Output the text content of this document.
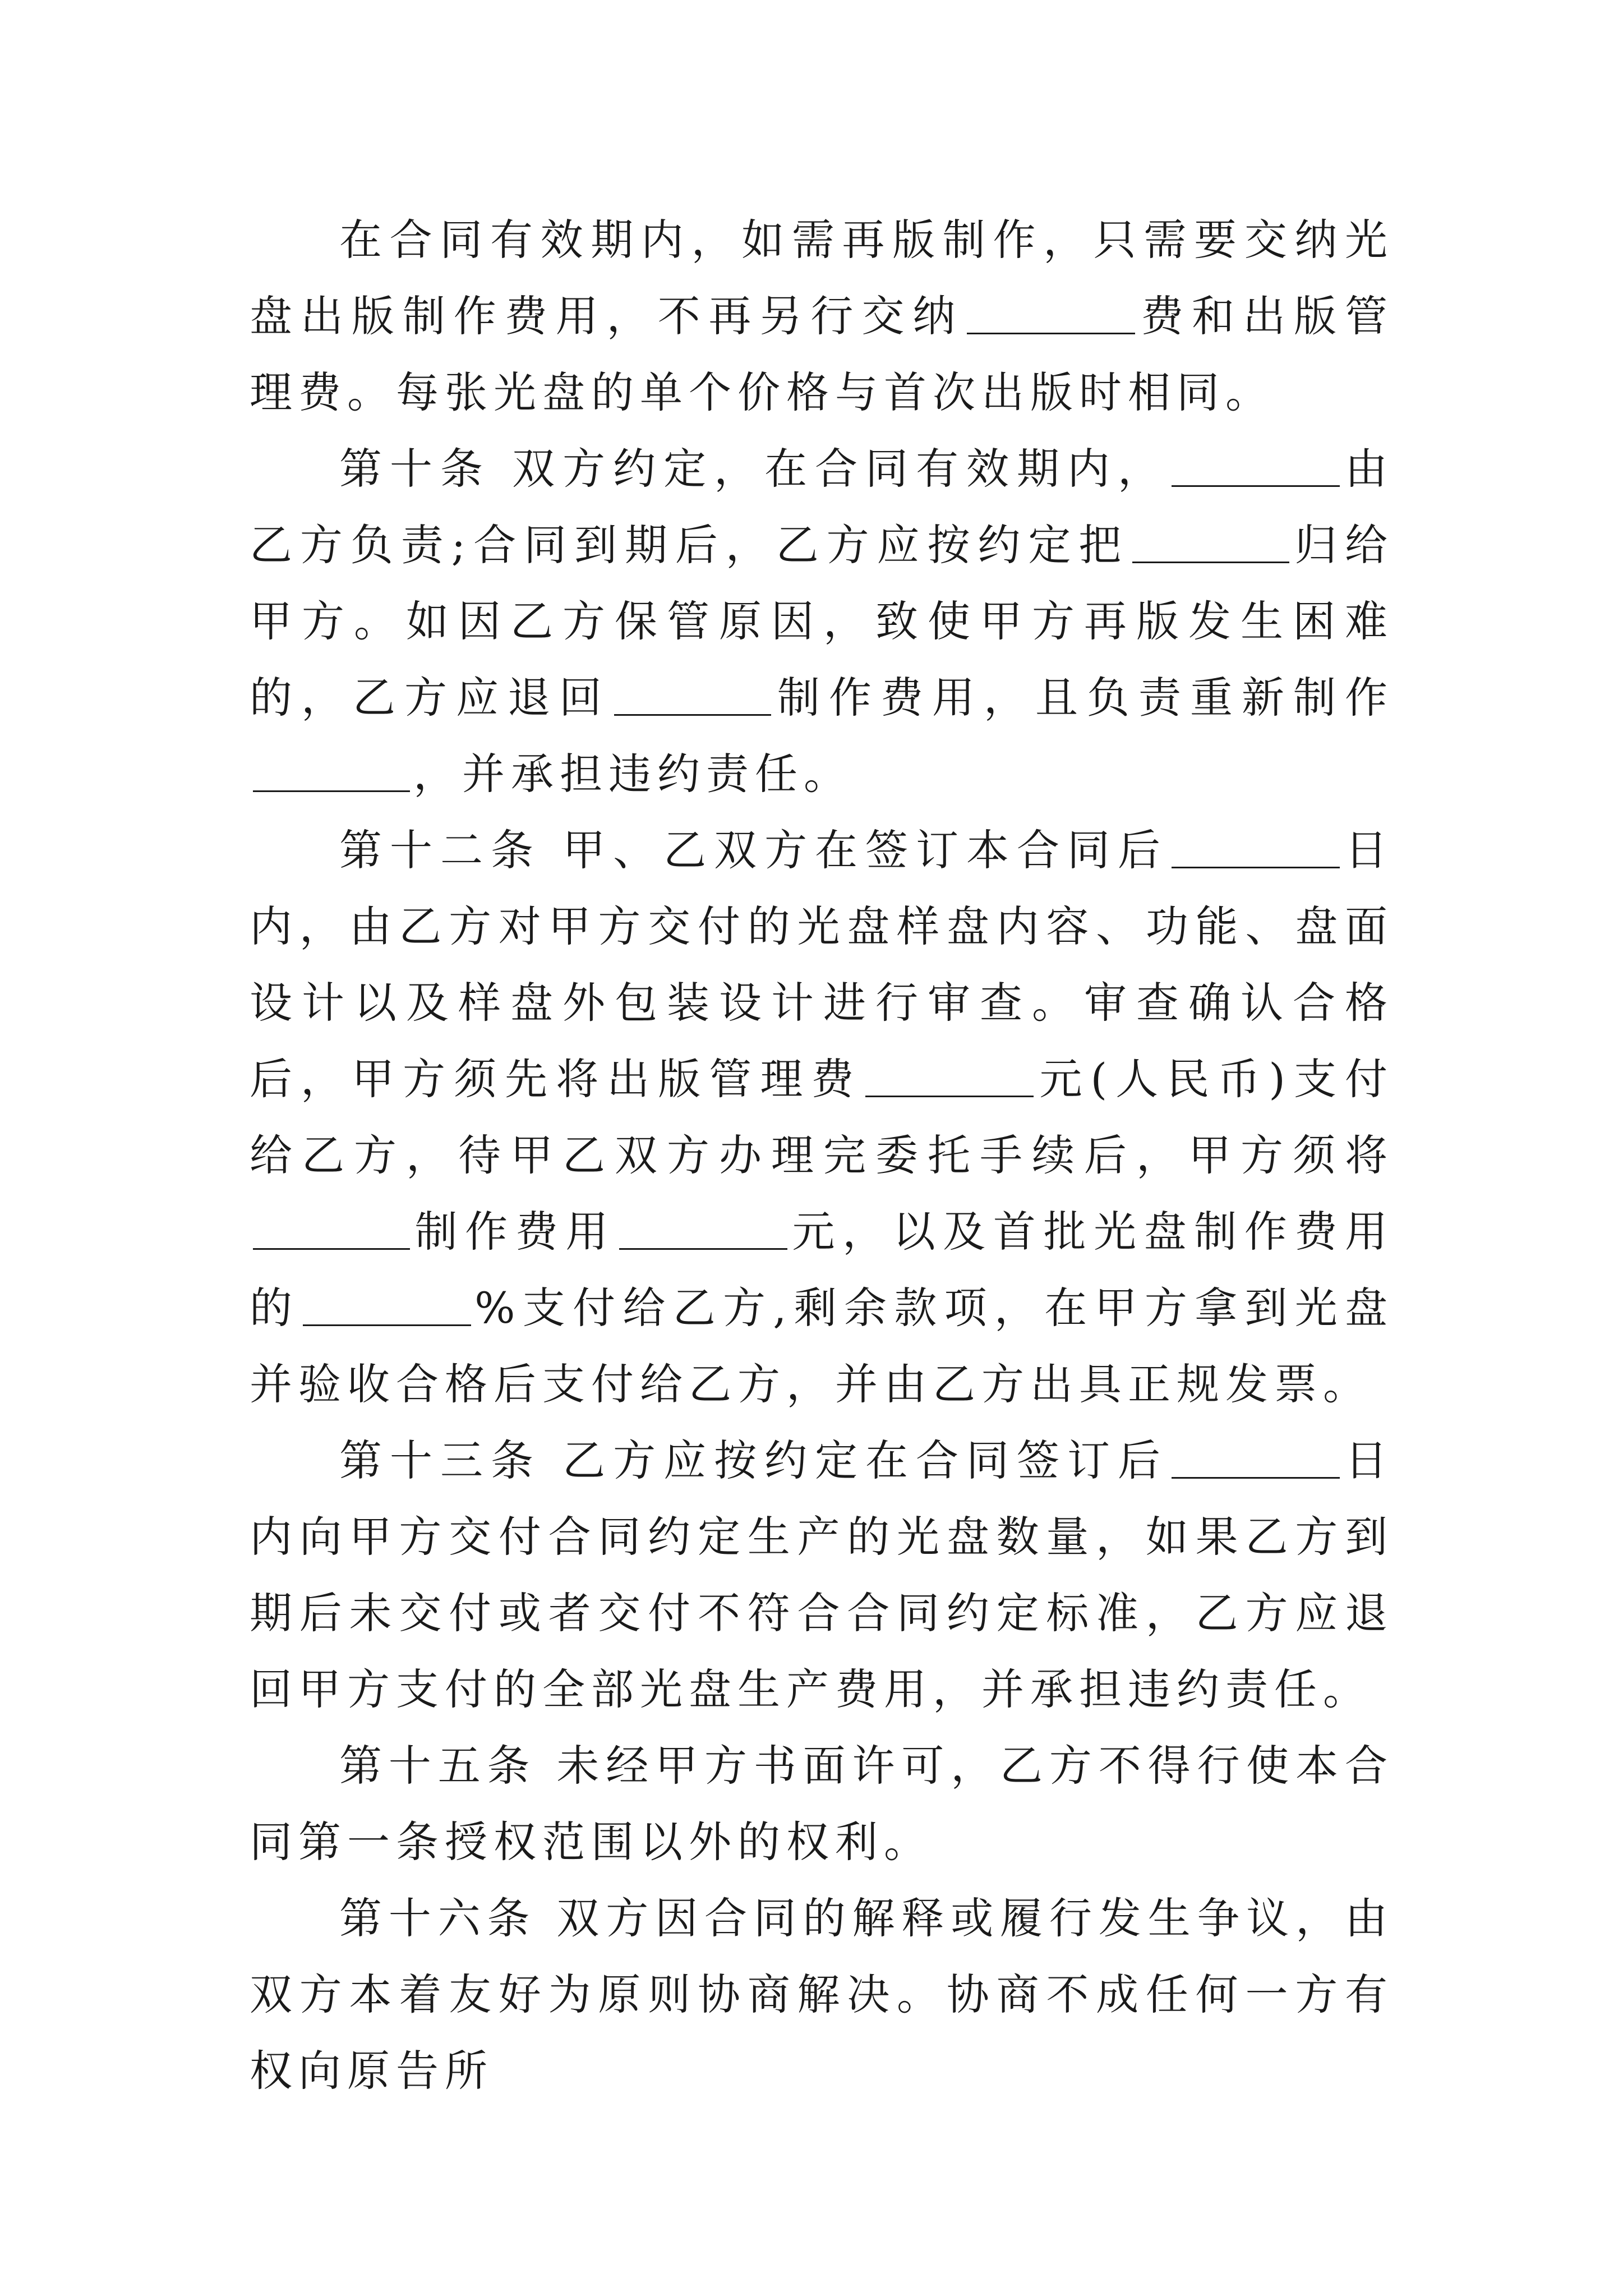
在合同有效期内，如需再版制作，只需要交纳光盘出版制作费用，不再另行交纳	费和出版管理费。每张光盘的单个价格与首次出版时相同。

第十条 双方约定，在合同有效期内，	由乙方负责;合同到期后，乙方应按约定把	归给甲方。如因乙方保管原因，致使甲方再版发生困难的，乙方应退回	制作费用，且负责重新制作，并承担违约责任。

第十二条 甲、乙双方在签订本合同后	日内，由乙方对甲方交付的光盘样盘内容、功能、盘面设计以及样盘外包装设计进行审查。审查确认合格后，甲方须先将出版管理费	元(人民币)支付给乙方，待甲乙双方办理完委托手续后，甲方须将制作费用	元，以及首批光盘制作费用的	%支付给乙方,剩余款项，在甲方拿到光盘并验收合格后支付给乙方，并由乙方出具正规发票。

第十三条 乙方应按约定在合同签订后	日内向甲方交付合同约定生产的光盘数量，如果乙方到期后未交付或者交付不符合合同约定标准，乙方应退回甲方支付的全部光盘生产费用，并承担违约责任。

第十五条 未经甲方书面许可，乙方不得行使本合同第一条授权范围以外的权利。

第十六条 双方因合同的解释或履行发生争议，由双方本着友好为原则协商解决。协商不成任何一方有权向原告所
